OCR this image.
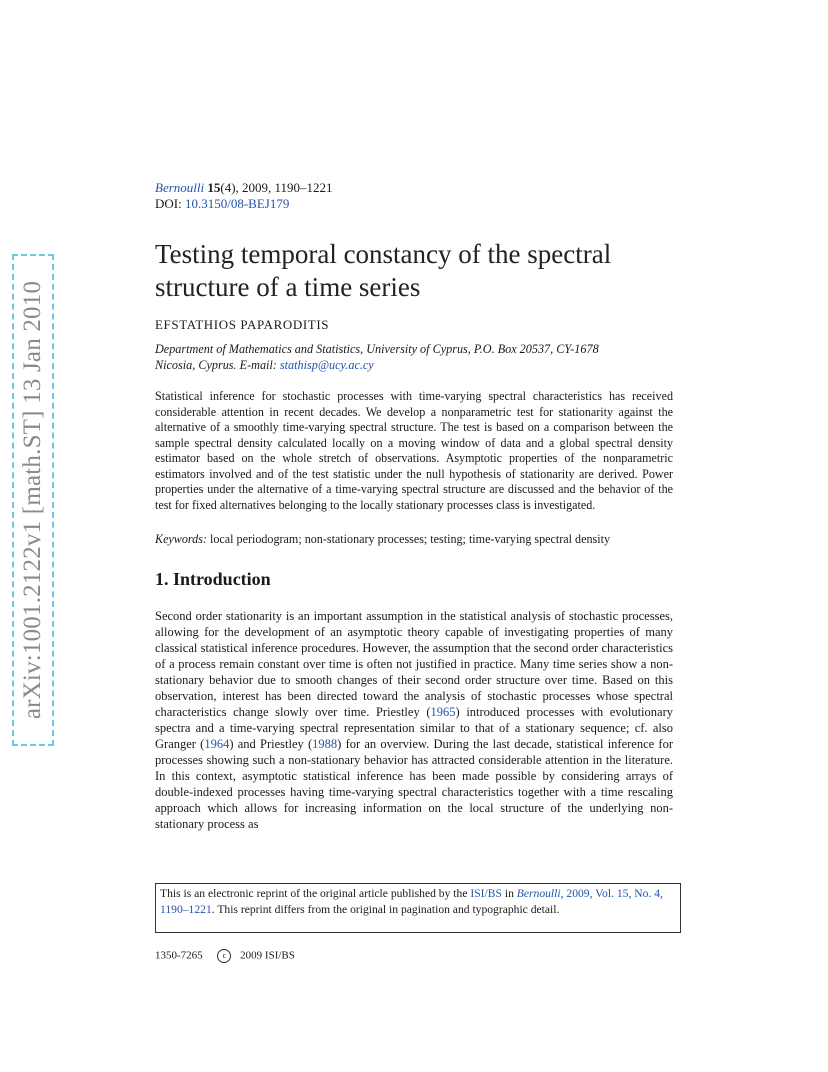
arXiv:1001.2122v1 [math.ST] 13 Jan 2010
Bernoulli 15(4), 2009, 1190–1221
DOI: 10.3150/08-BEJ179
Testing temporal constancy of the spectral
structure of a time series
EFSTATHIOS PAPARODITIS
Department of Mathematics and Statistics, University of Cyprus, P.O. Box 20537, CY-1678
Nicosia, Cyprus. E-mail: stathisp@ucy.ac.cy

Statistical inference for stochastic processes with time-varying spectral characteristics has received considerable attention in recent decades. We develop a nonparametric test for stationarity against the alternative of a smoothly time-varying spectral structure. The test is based on a comparison between the sample spectral density calculated locally on a moving window of data and a global spectral density estimator based on the whole stretch of observations. Asymptotic properties of the nonparametric estimators involved and of the test statistic under the null hypothesis of stationarity are derived. Power properties under the alternative of a time-varying spectral structure are discussed and the behavior of the test for fixed alternatives belonging to the locally stationary processes class is investigated.

Keywords: local periodogram; non-stationary processes; testing; time-varying spectral density
1. Introduction

Second order stationarity is an important assumption in the statistical analysis of stochastic processes, allowing for the development of an asymptotic theory capable of investigating properties of many classical statistical inference procedures. However, the assumption that the second order characteristics of a process remain constant over time is often not justified in practice. Many time series show a non-stationary behavior due to smooth changes of their second order structure over time. Based on this observation, interest has been directed toward the analysis of stochastic processes whose spectral characteristics change slowly over time. Priestley (1965) introduced processes with evolutionary spectra and a time-varying spectral representation similar to that of a stationary sequence; cf. also Granger (1964) and Priestley (1988) for an overview. During the last decade, statistical inference for processes showing such a non-stationary behavior has attracted considerable attention in the literature. In this context, asymptotic statistical inference has been made possible by considering arrays of double-indexed processes having time-varying spectral characteristics together with a time rescaling approach which allows for increasing information on the local structure of the underlying non-stationary process as

This is an electronic reprint of the original article published by the ISI/BS in Bernoulli, 2009, Vol. 15, No. 4, 1190–1221. This reprint differs from the original in pagination and typographic detail.
1350-7265 c 2009 ISI/BS
